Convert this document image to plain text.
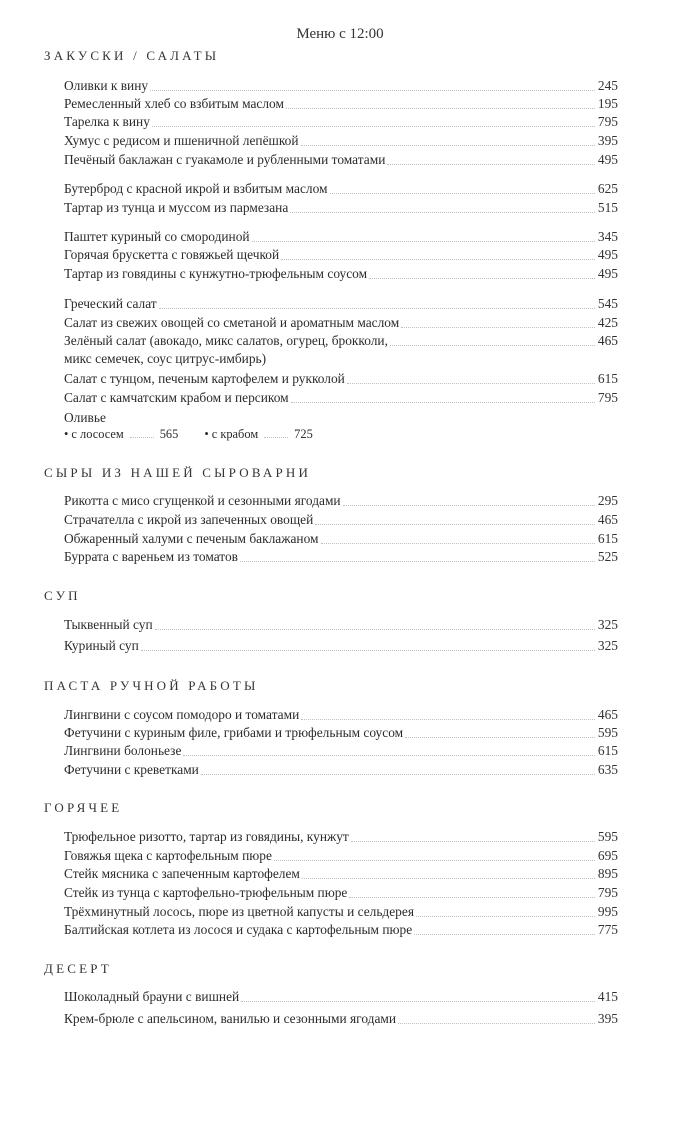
Меню с 12:00
ЗАКУСКИ / САЛАТЫ
Оливки к вину	245
Ремесленный хлеб со взбитым маслом	195
Тарелка к вину	795
Хумус с редисом и пшеничной лепёшкой	395
Печёный баклажан с гуакамоле и рубленными томатами	495
Бутерброд с красной икрой и взбитым маслом	625
Тартар из тунца и муссом из пармезана	515
Паштет куриный со смородиной	345
Горячая брускетта с говяжьей щечкой	495
Тартар из говядины с кунжутно-трюфельным соусом	495
Греческий салат	545
Салат из свежих овощей со сметаной и ароматным маслом	425
Зелёный салат (авокадо, микс салатов, огурец, брокколи,	465
микс семечек, соус цитрус-имбирь)
Салат с тунцом, печеным картофелем и рукколой	615
Салат с камчатским крабом и персиком	795
Оливье
• с лососем	565 • с крабом	725
СЫРЫ ИЗ НАШЕЙ СЫРОВАРНИ
Рикотта с мисо сгущенкой и сезонными ягодами	295
Страчателла с икрой из запеченных овощей	465
Обжаренный халуми с печеным баклажаном	615
Буррата с вареньем из томатов	525
СУП
Тыквенный суп	325
Куриный суп	325
ПАСТА РУЧНОЙ РАБОТЫ
Лингвини с соусом помодоро и томатами	465
Фетучини с куриным филе, грибами и трюфельным соусом	595
Лингвини болоньезе	615
Фетучини с креветками	635
ГОРЯЧЕЕ
Трюфельное ризотто, тартар из говядины, кунжут	595
Говяжья щека с картофельным пюре	695
Стейк мясника с запеченным картофелем	895
Стейк из тунца с картофельно-трюфельным пюре	795
Трёхминутный лосось, пюре из цветной капусты и сельдерея	995
Балтийская котлета из лосося и судака с картофельным пюре	775
ДЕСЕРТ
Шоколадный брауни с вишней	415
Крем-брюле с апельсином, ванилью и сезонными ягодами	395
